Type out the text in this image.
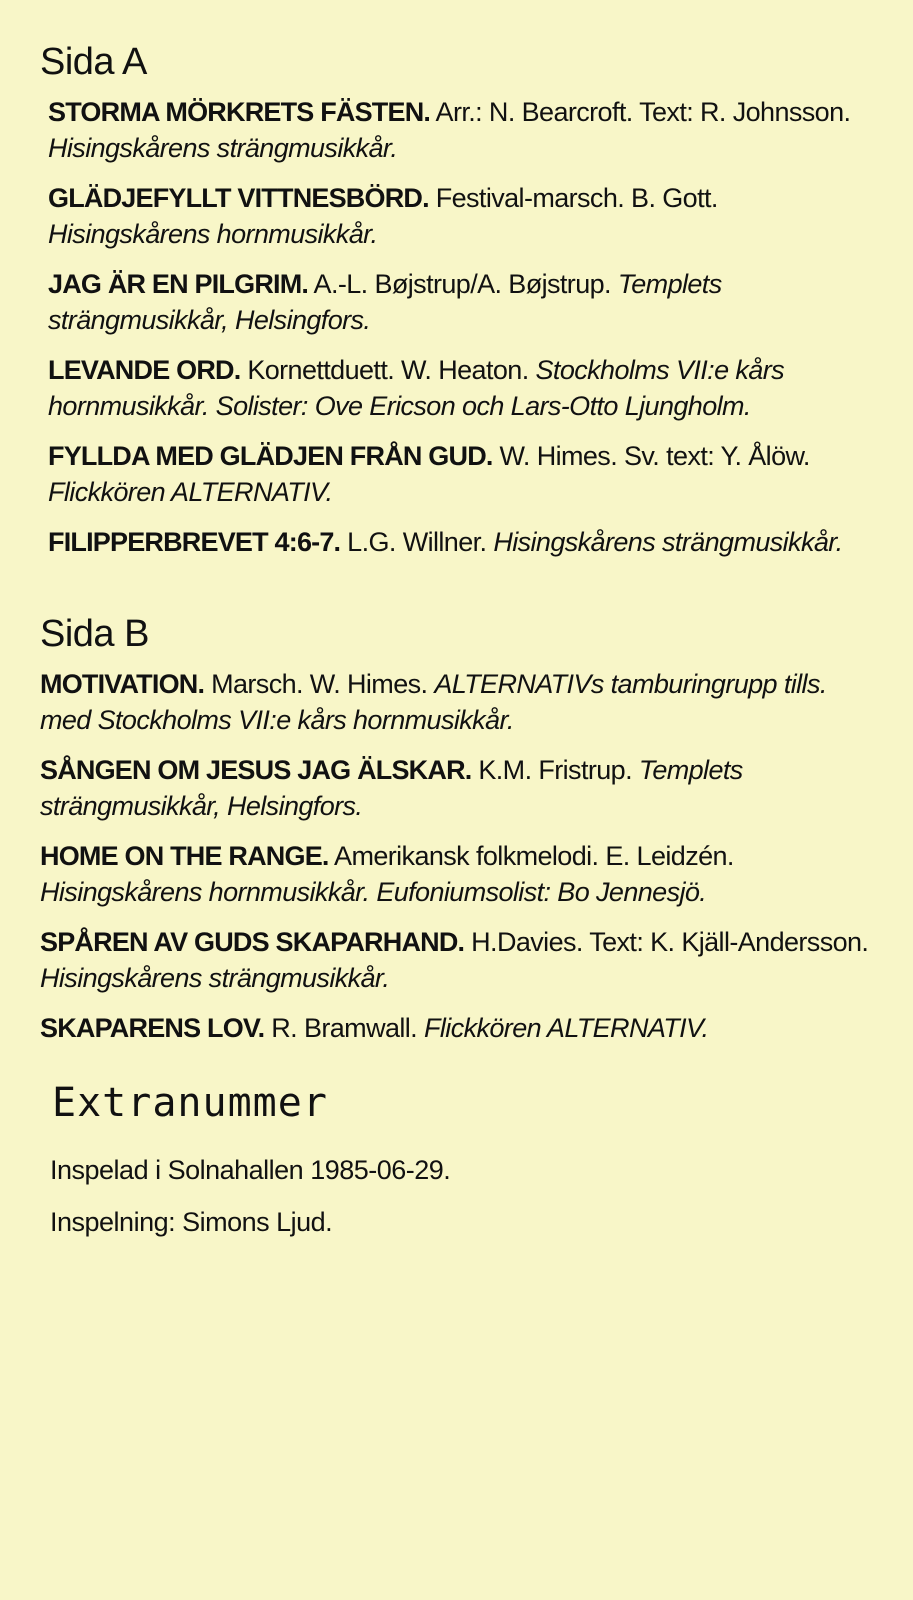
Sida A
STORMA MÖRKRETS FÄSTEN. Arr.: N. Bearcroft. Text: R. Johnsson. Hisingskårens strängmusikkår.
GLÄDJEFYLLT VITTNESBÖRD. Festival-marsch. B. Gott. Hisingskårens hornmusikkår.
JAG ÄR EN PILGRIM. A.-L. Bøjstrup/A. Bøjstrup. Templets strängmusikkår, Helsingfors.
LEVANDE ORD. Kornettduett. W. Heaton. Stockholms VII:e kårs hornmusikkår. Solister: Ove Ericson och Lars-Otto Ljungholm.
FYLLDA MED GLÄDJEN FRÅN GUD. W. Himes. Sv. text: Y. Ålöw. Flickkören ALTERNATIV.
FILIPPERBREVET 4:6-7. L.G. Willner. Hisingskårens strängmusikkår.
Sida B
MOTIVATION. Marsch. W. Himes. ALTERNATIVs tamburingrupp tills. med Stockholms VII:e kårs hornmusikkår.
SÅNGEN OM JESUS JAG ÄLSKAR. K.M. Fristrup. Templets strängmusikkår, Helsingfors.
HOME ON THE RANGE. Amerikansk folkmelodi. E. Leidzén. Hisingskårens hornmusikkår. Eufoniumsolist: Bo Jennesjö.
SPÅREN AV GUDS SKAPARHAND. H.Davies. Text: K. Kjäll-Andersson. Hisingskårens strängmusikkår.
SKAPARENS LOV. R. Bramwall. Flickkören ALTERNATIV.
Extranummer
Inspelad i Solnahallen 1985-06-29.
Inspelning: Simons Ljud.
